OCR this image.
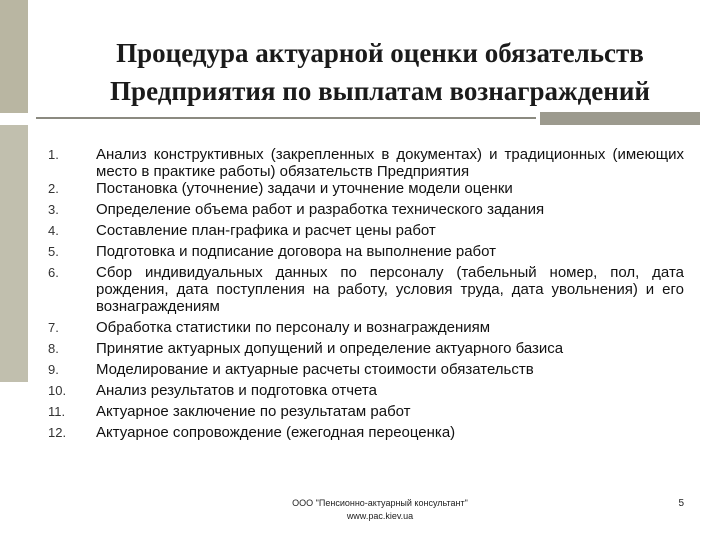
Процедура актуарной оценки обязательств
Предприятия по выплатам вознаграждений
1.	Анализ конструктивных (закрепленных в документах) и традиционных (имеющих место в практике работы) обязательств Предприятия
2.	Постановка (уточнение) задачи и уточнение модели оценки
3.	Определение объема работ и разработка технического задания
4.	Составление план-графика и расчет цены работ
5.	Подготовка и подписание договора на выполнение работ
6.	Сбор индивидуальных данных по персоналу (табельный номер, пол, дата рождения, дата поступления на работу, условия труда, дата увольнения) и его вознаграждениям
7.	Обработка статистики по персоналу и вознаграждениям
8.	Принятие актуарных допущений и определение актуарного базиса
9.	Моделирование и актуарные расчеты стоимости обязательств
10.	Анализ результатов и подготовка отчета
11.	Актуарное заключение по результатам работ
12.	Актуарное сопровождение (ежегодная переоценка)
ООО "Пенсионно-актуарный консультант"
www.pac.kiev.ua
5
